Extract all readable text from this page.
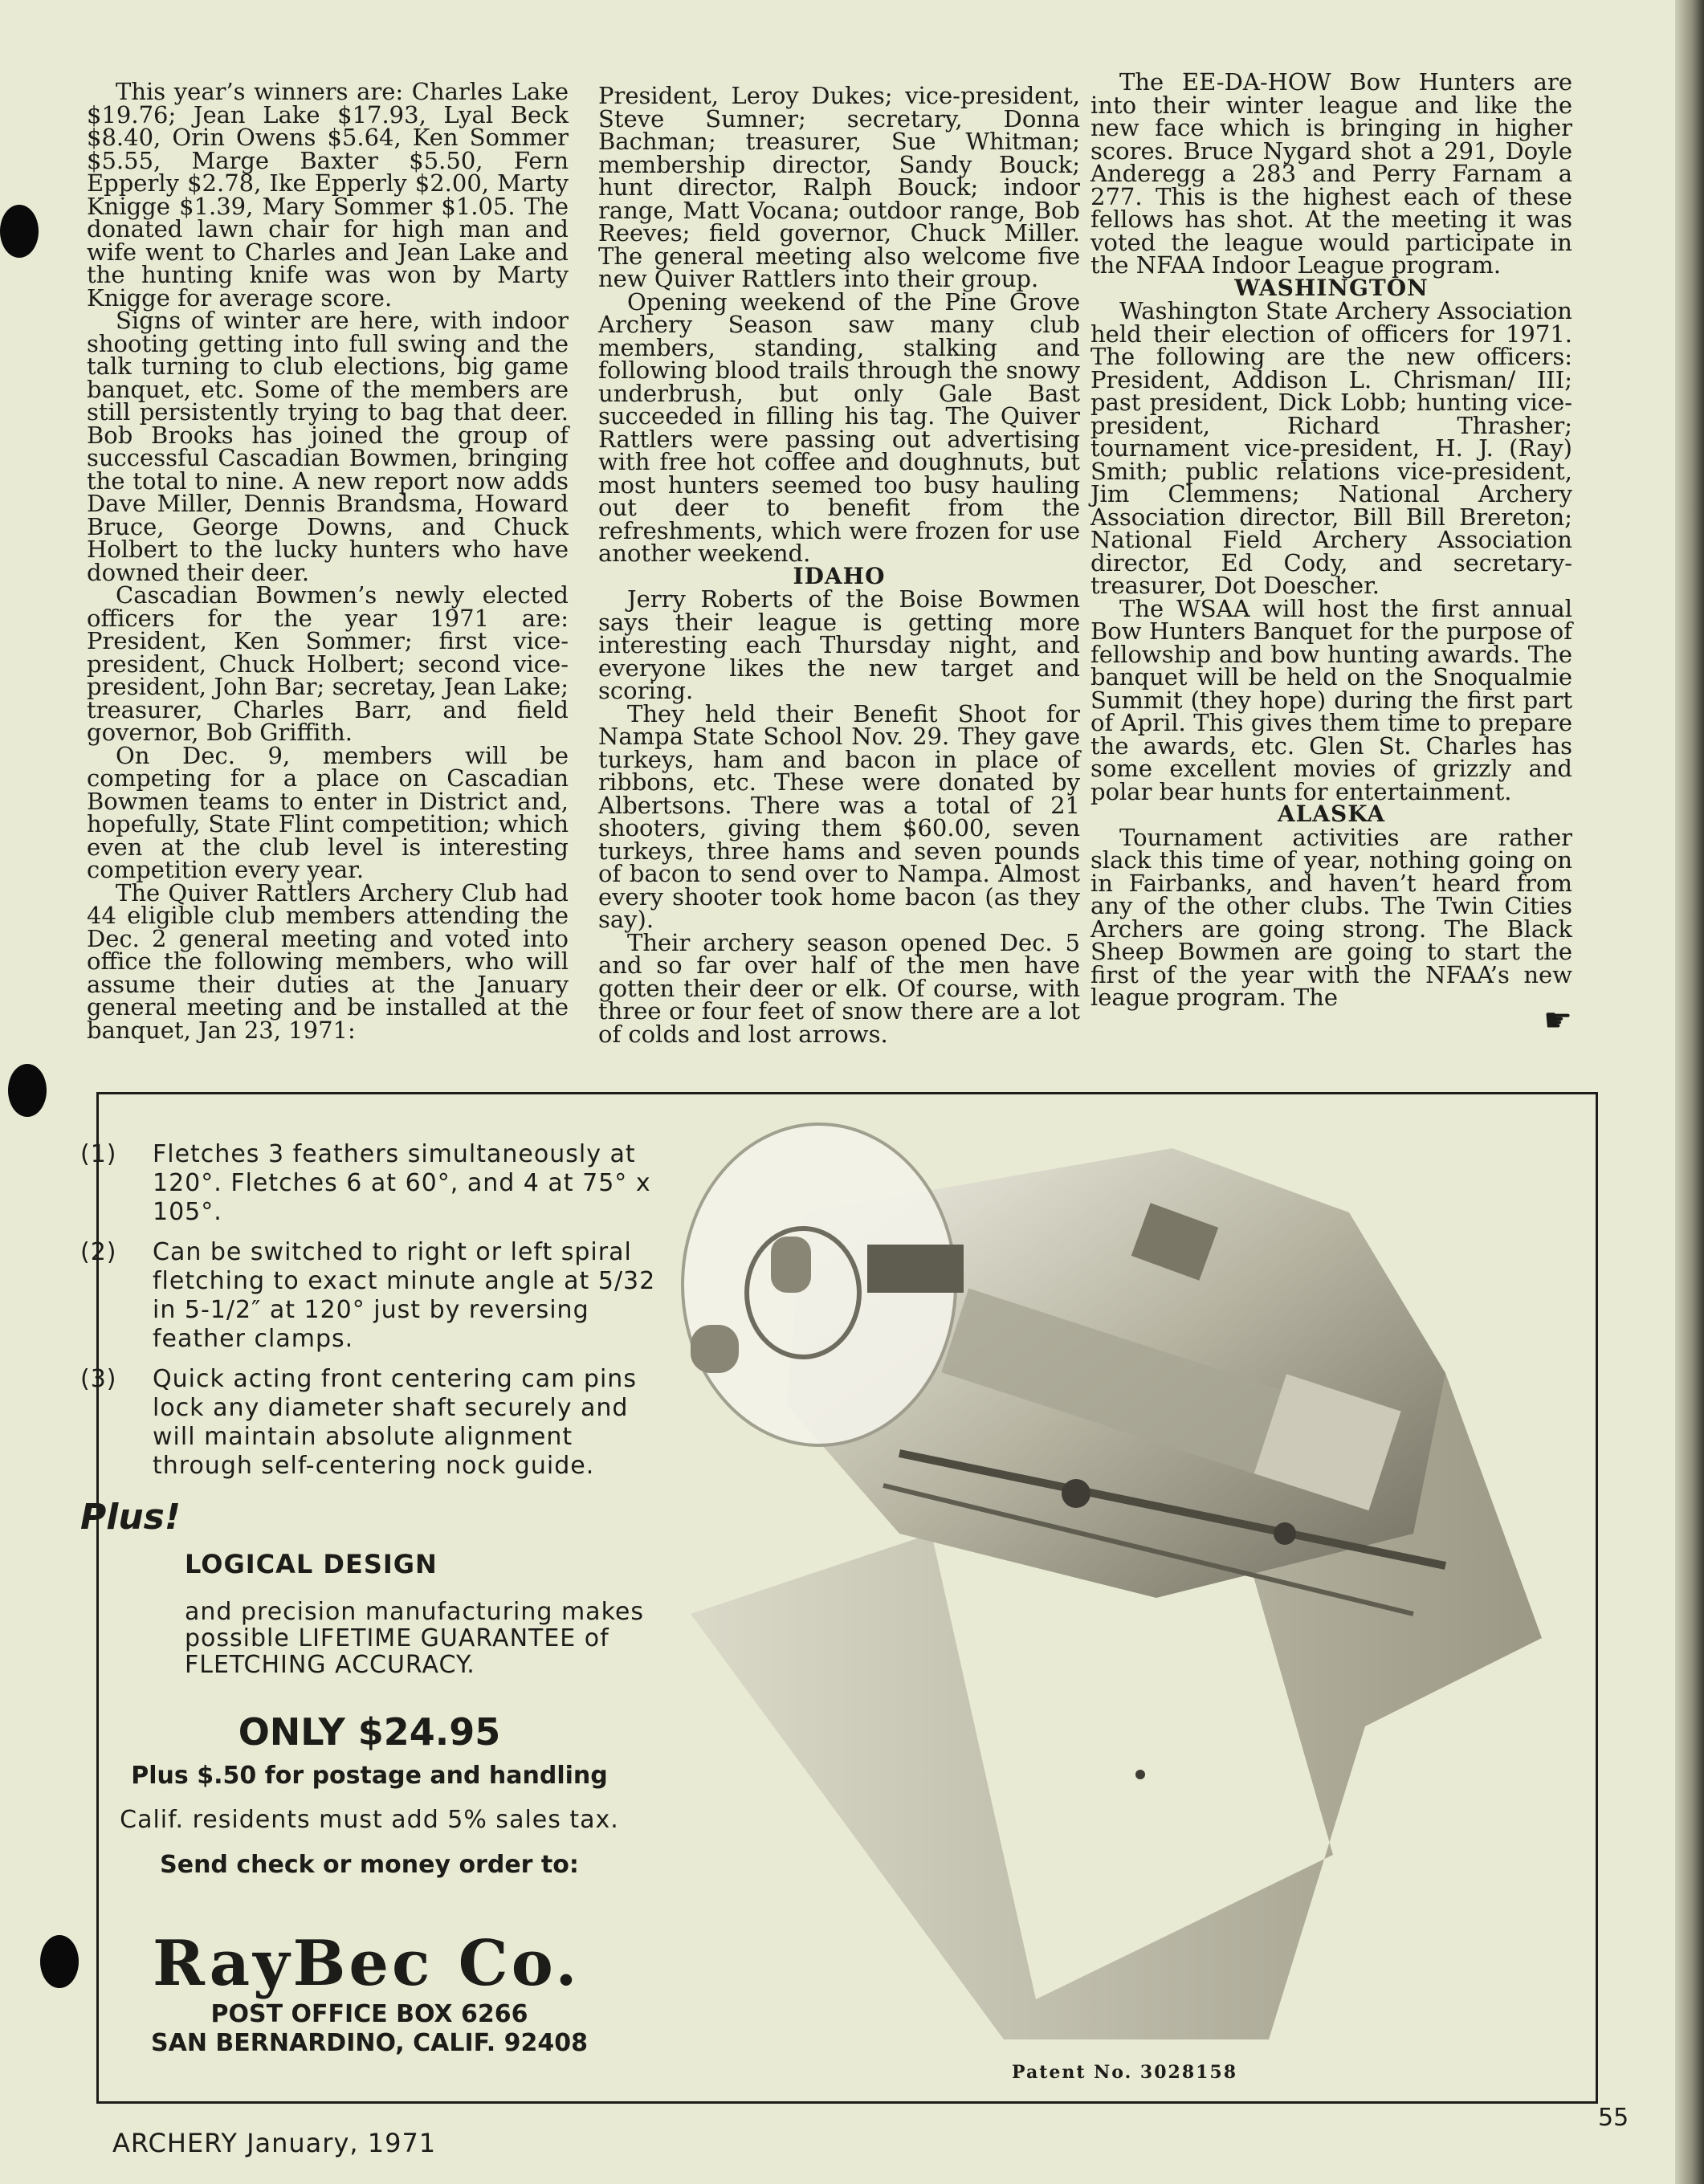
This year’s winners are: Charles Lake $19.76; Jean Lake $17.93, Lyal Beck $8.40, Orin Owens $5.64, Ken Sommer $5.55, Marge Baxter $5.50, Fern Epperly $2.78, Ike Epperly $2.00, Marty Knigge $1.39, Mary Sommer $1.05. The donated lawn chair for high man and wife went to Charles and Jean Lake and the hunting knife was won by Marty Knigge for average score.

Signs of winter are here, with indoor shooting getting into full swing and the talk turning to club elections, big game banquet, etc. Some of the members are still persistently trying to bag that deer. Bob Brooks has joined the group of successful Cascadian Bowmen, bringing the total to nine. A new report now adds Dave Miller, Dennis Brandsma, Howard Bruce, George Downs, and Chuck Holbert to the lucky hunters who have downed their deer.

Cascadian Bowmen’s newly elected officers for the year 1971 are: President, Ken Sommer; first vice-president, Chuck Holbert; second vice-president, John Bar; secretay, Jean Lake; treasurer, Charles Barr, and field governor, Bob Griffith.

On Dec. 9, members will be competing for a place on Cascadian Bowmen teams to enter in District and, hopefully, State Flint competition; which even at the club level is interesting competition every year.

The Quiver Rattlers Archery Club had 44 eligible club members attending the Dec. 2 general meeting and voted into office the following members, who will assume their duties at the January general meeting and be installed at the banquet, Jan 23, 1971:

President, Leroy Dukes; vice-president, Steve Sumner; secretary, Donna Bachman; treasurer, Sue Whitman; membership director, Sandy Bouck; hunt director, Ralph Bouck; indoor range, Matt Vocana; outdoor range, Bob Reeves; field governor, Chuck Miller. The general meeting also welcome five new Quiver Rattlers into their group.

Opening weekend of the Pine Grove Archery Season saw many club members, standing, stalking and following blood trails through the snowy underbrush, but only Gale Bast succeeded in filling his tag. The Quiver Rattlers were passing out advertising with free hot coffee and doughnuts, but most hunters seemed too busy hauling out deer to benefit from the refreshments, which were frozen for use another weekend.

IDAHO

Jerry Roberts of the Boise Bowmen says their league is getting more interesting each Thursday night, and everyone likes the new target and scoring.

They held their Benefit Shoot for Nampa State School Nov. 29. They gave turkeys, ham and bacon in place of ribbons, etc. These were donated by Albertsons. There was a total of 21 shooters, giving them $60.00, seven turkeys, three hams and seven pounds of bacon to send over to Nampa. Almost every shooter took home bacon (as they say).

Their archery season opened Dec. 5 and so far over half of the men have gotten their deer or elk. Of course, with three or four feet of snow there are a lot of colds and lost arrows.

The EE-DA-HOW Bow Hunters are into their winter league and like the new face which is bringing in higher scores. Bruce Nygard shot a 291, Doyle Anderegg a 283 and Perry Farnam a 277. This is the highest each of these fellows has shot. At the meeting it was voted the league would participate in the NFAA Indoor League program.

WASHINGTON

Washington State Archery Association held their election of officers for 1971. The following are the new officers: President, Addison L. Chrisman/ III; past president, Dick Lobb; hunting vice-president, Richard Thrasher; tournament vice-president, H. J. (Ray) Smith; public relations vice-president, Jim Clemmens; National Archery Association director, Bill Bill Brereton; National Field Archery Association director, Ed Cody, and secretary-treasurer, Dot Doescher.

The WSAA will host the first annual Bow Hunters Banquet for the purpose of fellowship and bow hunting awards. The banquet will be held on the Snoqualmie Summit (they hope) during the first part of April. This gives them time to prepare the awards, etc. Glen St. Charles has some excellent movies of grizzly and polar bear hunts for entertainment.

ALASKA

Tournament activities are rather slack this time of year, nothing going on in Fairbanks, and haven’t heard from any of the other clubs. The Twin Cities Archers are going strong. The Black Sheep Bowmen are going to start the first of the year with the NFAA’s new league program. The

☛
(1)	Fletches 3 feathers simultaneously at 120°. Fletches 6 at 60°, and 4 at 75° x 105°.
(2)	Can be switched to right or left spiral fletching to exact minute angle at 5/32 in 5-1/2″ at 120° just by reversing feather clamps.
(3)	Quick acting front centering cam pins lock any diameter shaft securely and will maintain absolute alignment through self-centering nock guide.
Plus!
LOGICAL DESIGN
and precision manufacturing makes possible LIFETIME GUARANTEE of FLETCHING ACCURACY.
ONLY $24.95
Plus $.50 for postage and handling
Calif. residents must add 5% sales tax.
Send check or money order to:
RayBec Co.
POST OFFICE BOX 6266
SAN BERNARDINO, CALIF. 92408
Patent No. 3028158
ARCHERY January, 1971
55
